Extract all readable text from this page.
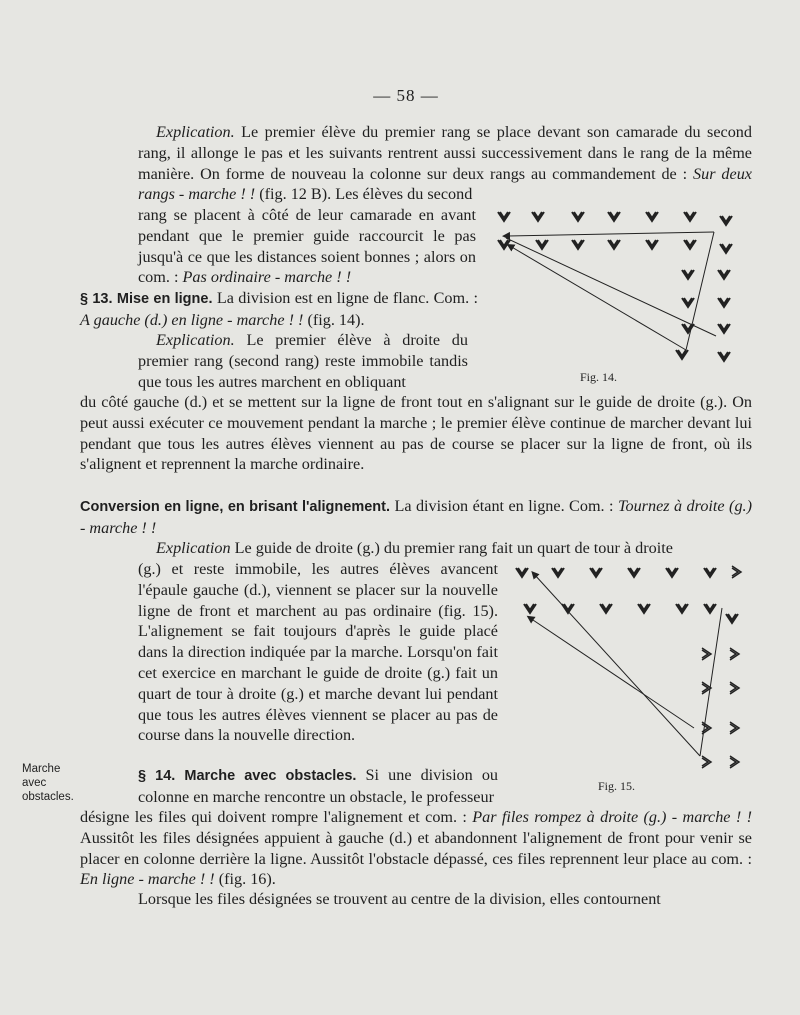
— 58 —

Explication. Le premier élève du premier rang se place devant son camarade du second rang, il allonge le pas et les suivants rentrent aussi successivement dans le rang de la même manière. On forme de nouveau la colonne sur deux rangs au commandement de : Sur deux rangs - marche ! ! (fig. 12 B). Les élèves du second

rang se placent à côté de leur camarade en avant pendant que le premier guide raccourcit le pas jusqu'à ce que les distances soient bonnes ; alors on com. : Pas ordinaire - marche ! !

§ 13. Mise en ligne. La division est en ligne de flanc. Com. : A gauche (d.) en ligne - marche ! ! (fig. 14).

Explication. Le premier élève à droite du premier rang (second rang) reste immobile tandis que tous les autres marchent en obliquant

du côté gauche (d.) et se mettent sur la ligne de front tout en s'alignant sur le guide de droite (g.). On peut aussi exécuter ce mouvement pendant la marche ; le premier élève continue de marcher devant lui pendant que tous les autres élèves viennent au pas de course se placer sur la ligne de front, où ils s'alignent et reprennent la marche ordinaire.

Conversion en ligne, en brisant l'alignement. La division étant en ligne. Com. : Tournez à droite (g.) - marche ! !

Explication Le guide de droite (g.) du premier rang fait un quart de tour à droite

(g.) et reste immobile, les autres élèves avancent l'épaule gauche (d.), viennent se placer sur la nouvelle ligne de front et marchent au pas ordinaire (fig. 15). L'alignement se fait toujours d'après le guide placé dans la direction indiquée par la marche. Lorsqu'on fait cet exercice en marchant le guide de droite (g.) fait un quart de tour à droite (g.) et marche devant lui pendant que tous les autres élèves viennent se placer au pas de course dans la nouvelle direction.

§ 14. Marche avec obstacles. Si une division ou colonne en marche rencontre un obstacle, le professeur

désigne les files qui doivent rompre l'alignement et com. : Par files rompez à droite (g.) - marche ! ! Aussitôt les files désignées appuient à gauche (d.) et abandonnent l'alignement de front pour venir se placer en colonne derrière la ligne. Aussitôt l'obstacle dépassé, ces files reprennent leur place au com. : En ligne - marche ! ! (fig. 16).

Lorsque les files désignées se trouvent au centre de la division, elles contournent

Marche avec obstacles.
Fig. 14.
Fig. 15.
